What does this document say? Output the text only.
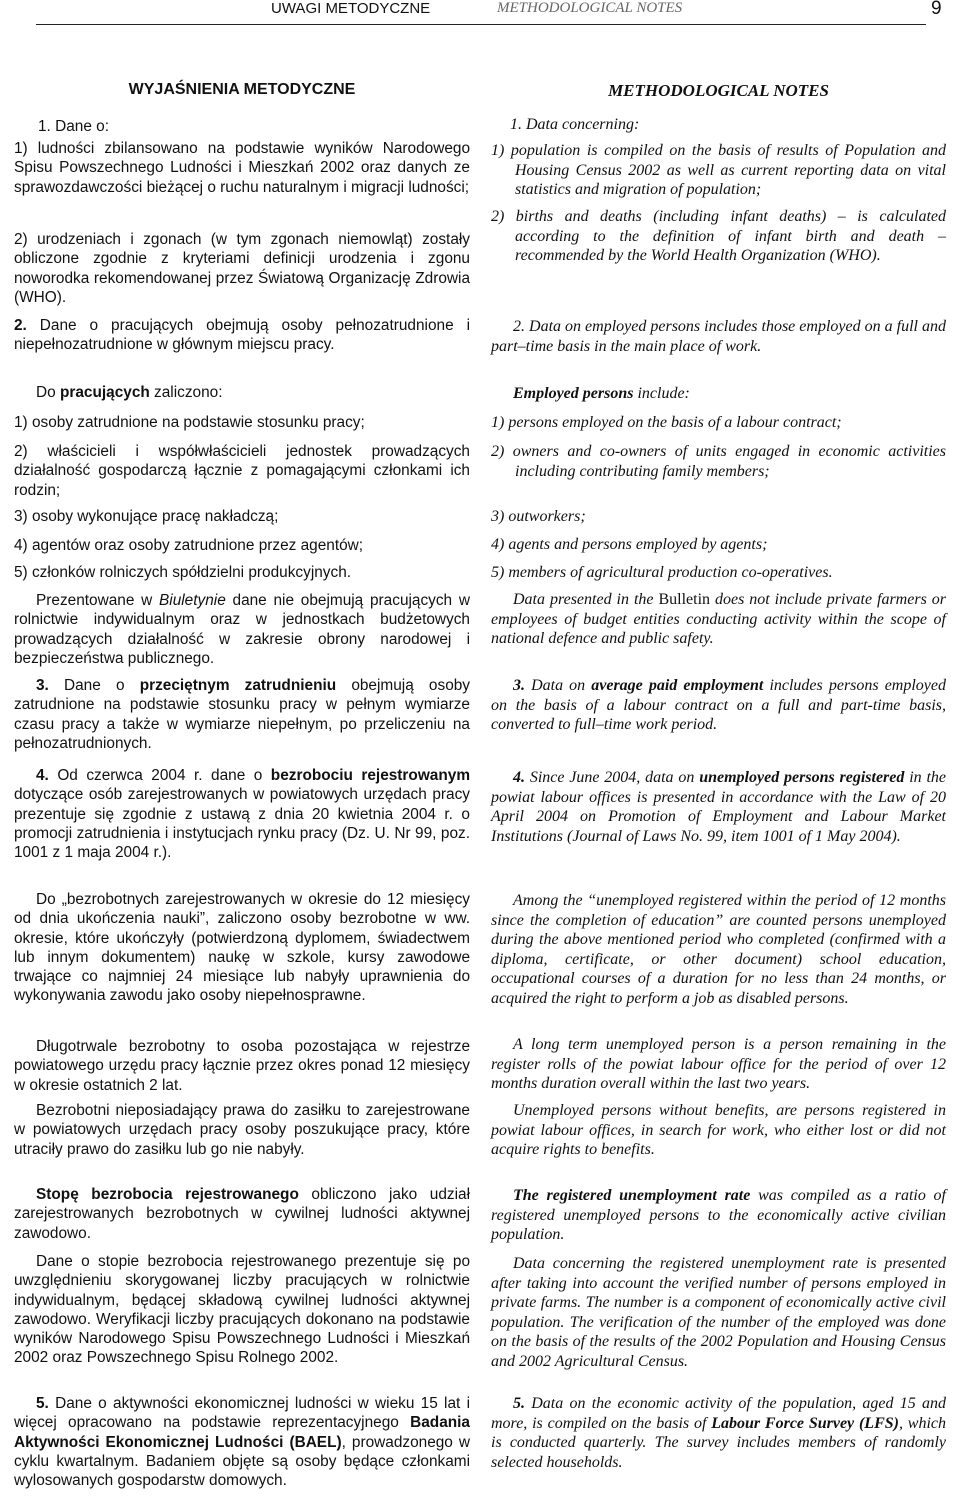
UWAGI METODYCZNE	METHODOLOGICAL NOTES	9

WYJAŚNIENIA METODYCZNE

1. Dane o:

1) ludności zbilansowano na podstawie wyników Narodowego Spisu Powszechnego Ludności i Mieszkań 2002 oraz danych ze sprawozdawczości bieżącej o ruchu naturalnym i migracji ludności;

2) urodzeniach i zgonach (w tym zgonach niemowląt) zostały obliczone zgodnie z kryteriami definicji urodzenia i zgonu noworodka rekomendowanej przez Światową Organizację Zdrowia (WHO).

2. Dane o pracujących obejmują osoby pełnozatrudnione i niepełnozatrudnione w głównym miejscu pracy.

Do pracujących zaliczono:

1) osoby zatrudnione na podstawie stosunku pracy;

2) właścicieli i współwłaścicieli jednostek prowadzących działalność gospodarczą łącznie z pomagającymi członkami ich rodzin;

3) osoby wykonujące pracę nakładczą;

4) agentów oraz osoby zatrudnione przez agentów;

5) członków rolniczych spółdzielni produkcyjnych.

Prezentowane w Biuletynie dane nie obejmują pracujących w rolnictwie indywidualnym oraz w jednostkach budżetowych prowadzących działalność w zakresie obrony narodowej i bezpieczeństwa publicznego.

3. Dane o przeciętnym zatrudnieniu obejmują osoby zatrudnione na podstawie stosunku pracy w pełnym wymiarze czasu pracy a także w wymiarze niepełnym, po przeliczeniu na pełnozatrudnionych.

4. Od czerwca 2004 r. dane o bezrobociu rejestrowanym dotyczące osób zarejestrowanych w powiatowych urzędach pracy prezentuje się zgodnie z ustawą z dnia 20 kwietnia 2004 r. o promocji zatrudnienia i instytucjach rynku pracy (Dz. U. Nr 99, poz. 1001 z 1 maja 2004 r.).

Do „bezrobotnych zarejestrowanych w okresie do 12 miesięcy od dnia ukończenia nauki”, zaliczono osoby bezrobotne w ww. okresie, które ukończyły (potwierdzoną dyplomem, świadectwem lub innym dokumentem) naukę w szkole, kursy zawodowe trwające co najmniej 24 miesiące lub nabyły uprawnienia do wykonywania zawodu jako osoby niepełnosprawne.

Długotrwale bezrobotny to osoba pozostająca w rejestrze powiatowego urzędu pracy łącznie przez okres ponad 12 miesięcy w okresie ostatnich 2 lat.

Bezrobotni nieposiadający prawa do zasiłku to zarejestrowane w powiatowych urzędach pracy osoby poszukujące pracy, które utraciły prawo do zasiłku lub go nie nabyły.

Stopę bezrobocia rejestrowanego obliczono jako udział zarejestrowanych bezrobotnych w cywilnej ludności aktywnej zawodowo.

Dane o stopie bezrobocia rejestrowanego prezentuje się po uwzględnieniu skorygowanej liczby pracujących w rolnictwie indywidualnym, będącej składową cywilnej ludności aktywnej zawodowo. Weryfikacji liczby pracujących dokonano na podstawie wyników Narodowego Spisu Powszechnego Ludności i Mieszkań 2002 oraz Powszechnego Spisu Rolnego 2002.

5. Dane o aktywności ekonomicznej ludności w wieku 15 lat i więcej opracowano na podstawie reprezentacyjnego Badania Aktywności Ekonomicznej Ludności (BAEL), prowadzonego w cyklu kwartalnym. Badaniem objęte są osoby będące członkami wylosowanych gospodarstw domowych.

METHODOLOGICAL NOTES

1. Data concerning:

1) population is compiled on the basis of results of Population and Housing Census 2002 as well as current reporting data on vital statistics and migration of population;

2) births and deaths (including infant deaths) – is calculated according to the definition of infant birth and death – recommended by the World Health Organization (WHO).

2. Data on employed persons includes those employed on a full and part–time basis in the main place of work.

Employed persons include:

1) persons employed on the basis of a labour contract;

2) owners and co-owners of units engaged in economic activities including contributing family members;

3) outworkers;

4) agents and persons employed by agents;

5) members of agricultural production co-operatives.

Data presented in the Bulletin does not include private farmers or employees of budget entities conducting activity within the scope of national defence and public safety.

3. Data on average paid employment includes persons employed on the basis of a labour contract on a full and part-time basis, converted to full–time work period.

4. Since June 2004, data on unemployed persons registered in the powiat labour offices is presented in accordance with the Law of 20 April 2004 on Promotion of Employment and Labour Market Institutions (Journal of Laws No. 99, item 1001 of 1 May 2004).

Among the “unemployed registered within the period of 12 months since the completion of education” are counted persons unemployed during the above mentioned period who completed (confirmed with a diploma, certificate, or other document) school education, occupational courses of a duration for no less than 24 months, or acquired the right to perform a job as disabled persons.

A long term unemployed person is a person remaining in the register rolls of the powiat labour office for the period of over 12 months duration overall within the last two years.

Unemployed persons without benefits, are persons registered in powiat labour offices, in search for work, who either lost or did not acquire rights to benefits.

The registered unemployment rate was compiled as a ratio of registered unemployed persons to the economically active civilian population.

Data concerning the registered unemployment rate is presented after taking into account the verified number of persons employed in private farms. The number is a component of economically active civil population. The verification of the number of the employed was done on the basis of the results of the 2002 Population and Housing Census and 2002 Agricultural Census.

5. Data on the economic activity of the population, aged 15 and more, is compiled on the basis of Labour Force Survey (LFS), which is conducted quarterly. The survey includes members of randomly selected households.
